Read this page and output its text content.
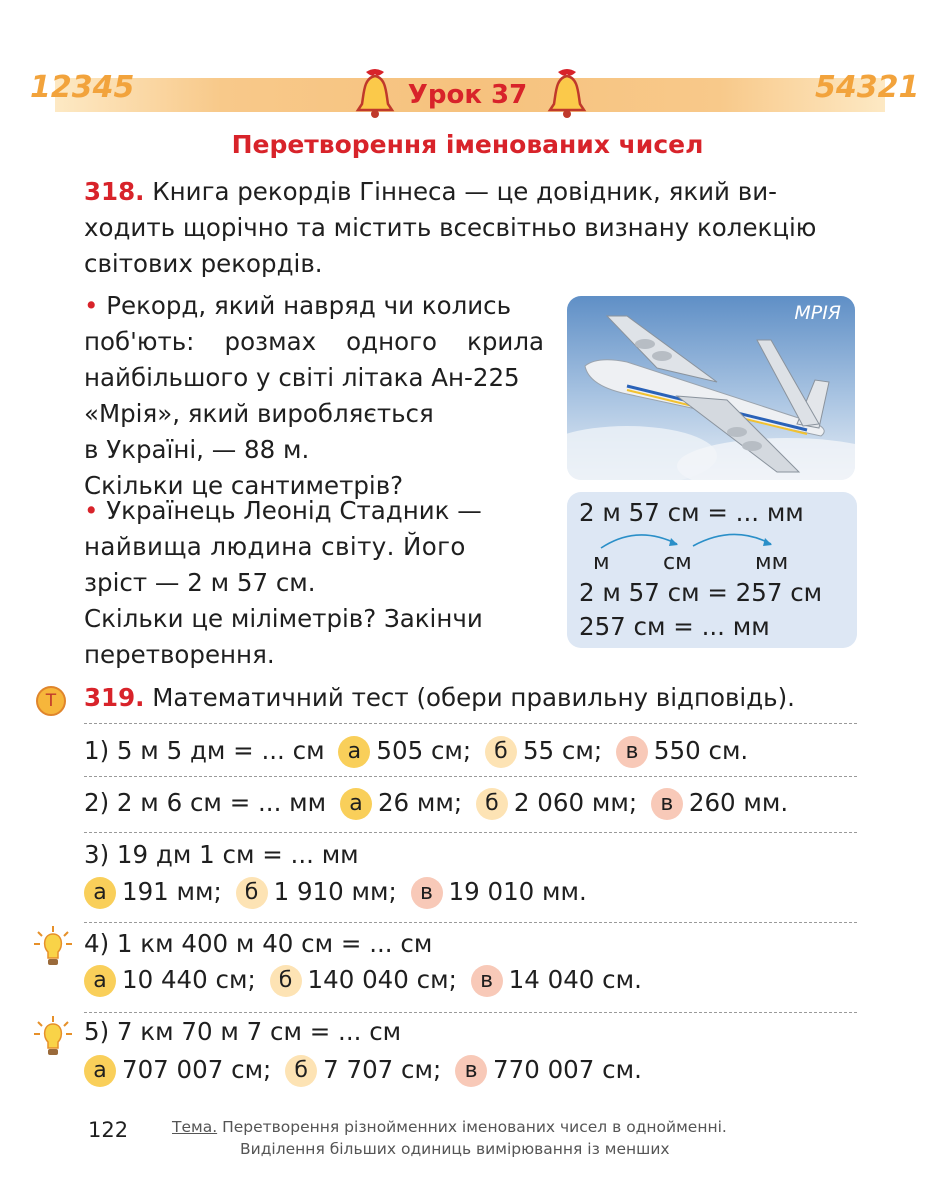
12345	54321
Урок 37
Перетворення іменованих чисел
318. Книга рекордів Гіннеса — це довідник, який ви-
ходить щорічно та містить всесвітньо визнану колекцію
світових рекордів.
• Рекорд, який навряд чи колись
поб'ють: розмах одного крила
найбільшого у світі літака Ан-225
«Мрія», який виробляється
в Україні, — 88 м.
Скільки це сантиметрів?
• Українець Леонід Стадник —
найвища людина світу. Його
зріст — 2 м 57 см.
Скільки це міліметрів? Закінчи
перетворення.
МРІЯ
2 м 57 см = ... мм
м см	мм
2 м 57 см = 257 см
257 см = ... мм
Т	319. Математичний тест (обери правильну відповідь).
1) 5 м 5 дм = ... см а 505 см; б 55 см; в 550 см.
2) 2 м 6 см = ... мм а 26 мм; б 2 060 мм; в 260 мм.
3) 19 дм 1 см = ... мм
а 191 мм; б 1 910 мм; в 19 010 мм.
4) 1 км 400 м 40 см = ... см
а 10 440 см; б 140 040 см; в 14 040 см.
5) 7 км 70 м 7 см = ... см
а 707 007 см; б 7 707 см; в 770 007 см.
122	Тема. Перетворення різнойменних іменованих чисел в однойменні.
Виділення більших одиниць вимірювання із менших
